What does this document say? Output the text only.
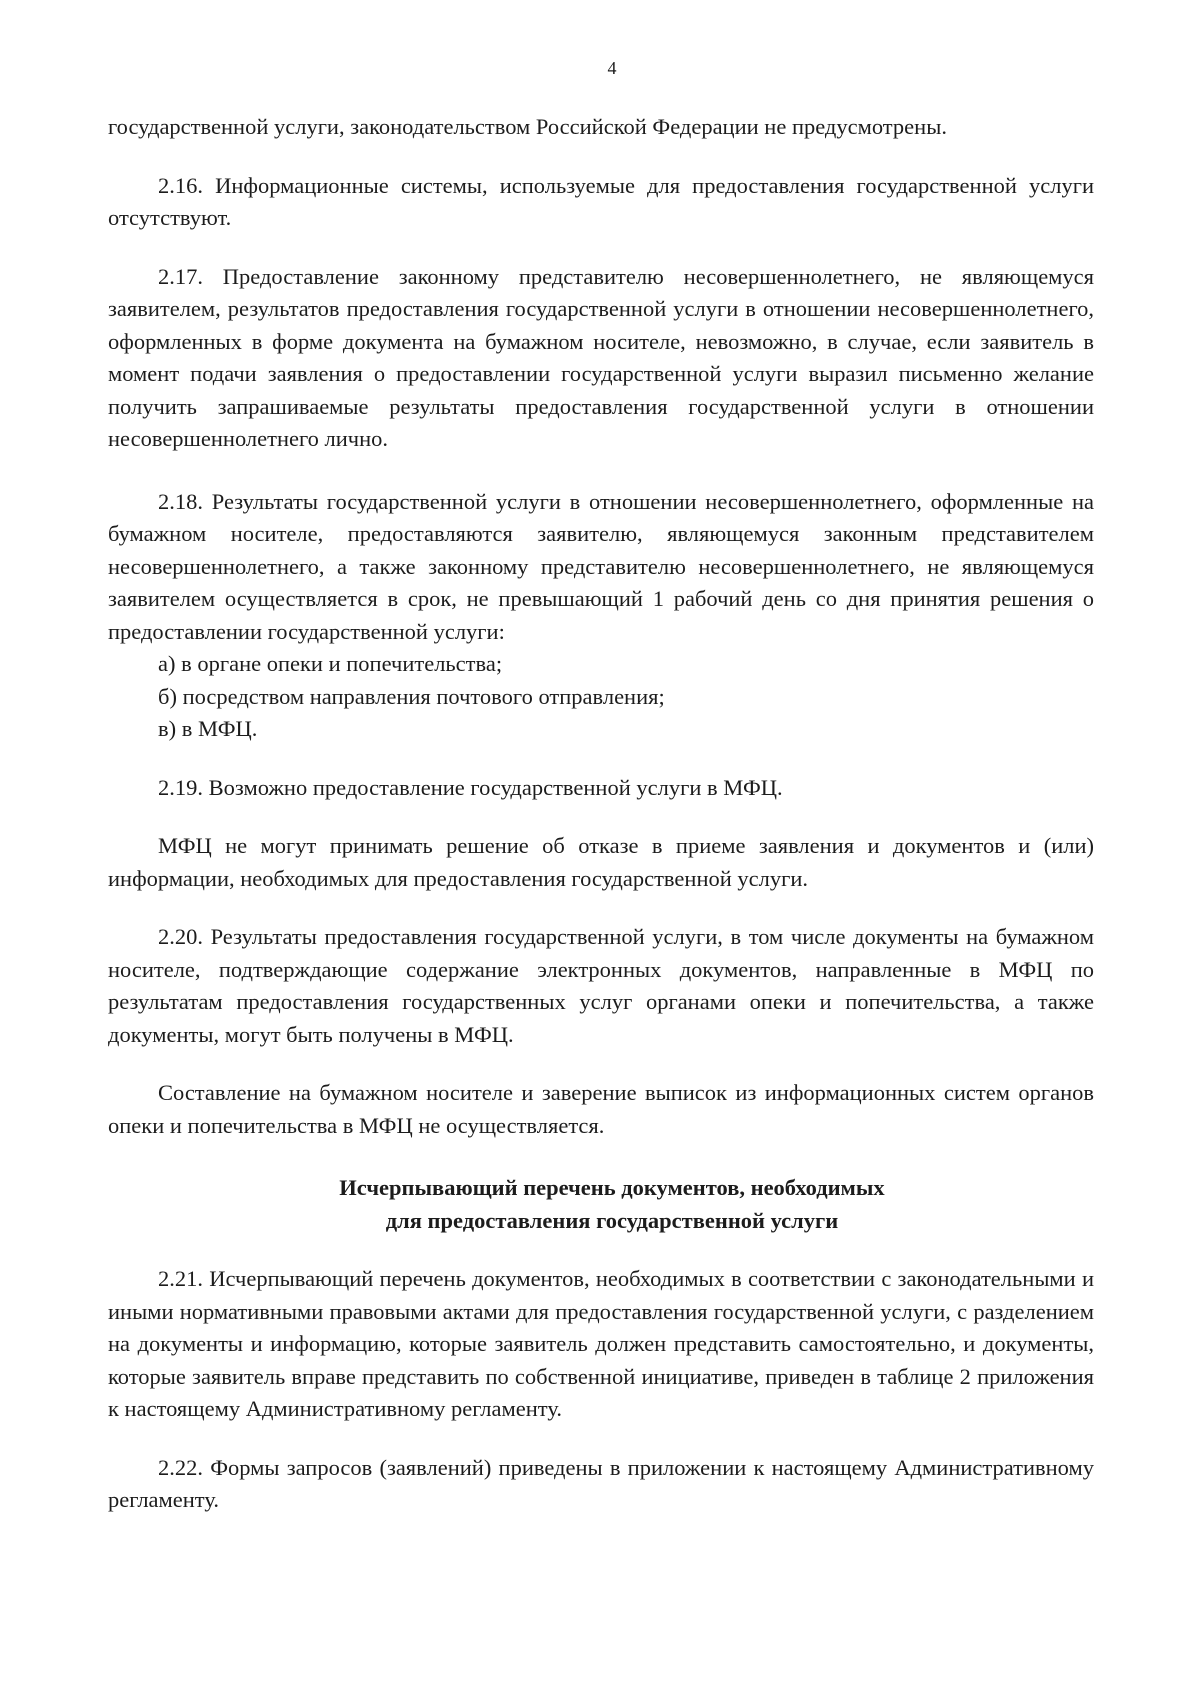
4

государственной услуги, законодательством Российской Федерации не предусмотрены.

2.16. Информационные системы, используемые для предоставления государственной услуги отсутствуют.

2.17. Предоставление законному представителю несовершеннолетнего, не являющемуся заявителем, результатов предоставления государственной услуги в отношении несовершеннолетнего, оформленных в форме документа на бумажном носителе, невозможно, в случае, если заявитель в момент подачи заявления о предоставлении государственной услуги выразил письменно желание получить запрашиваемые результаты предоставления государственной услуги в отношении несовершеннолетнего лично.

2.18. Результаты государственной услуги в отношении несовершеннолетнего, оформленные на бумажном носителе, предоставляются заявителю, являющемуся законным представителем несовершеннолетнего, а также законному представителю несовершеннолетнего, не являющемуся заявителем осуществляется в срок, не превышающий 1 рабочий день со дня принятия решения о предоставлении государственной услуги:

а) в органе опеки и попечительства;

б) посредством направления почтового отправления;

в) в МФЦ.

2.19. Возможно предоставление государственной услуги в МФЦ.

МФЦ не могут принимать решение об отказе в приеме заявления и документов и (или) информации, необходимых для предоставления государственной услуги.

2.20. Результаты предоставления государственной услуги, в том числе документы на бумажном носителе, подтверждающие содержание электронных документов, направленные в МФЦ по результатам предоставления государственных услуг органами опеки и попечительства, а также документы, могут быть получены в МФЦ.

Составление на бумажном носителе и заверение выписок из информационных систем органов опеки и попечительства в МФЦ не осуществляется.

Исчерпывающий перечень документов, необходимых
для предоставления государственной услуги

2.21. Исчерпывающий перечень документов, необходимых в соответствии с законодательными и иными нормативными правовыми актами для предоставления государственной услуги, с разделением на документы и информацию, которые заявитель должен представить самостоятельно, и документы, которые заявитель вправе представить по собственной инициативе, приведен в таблице 2 приложения к настоящему Административному регламенту.

2.22. Формы запросов (заявлений) приведены в приложении к настоящему Административному регламенту.
